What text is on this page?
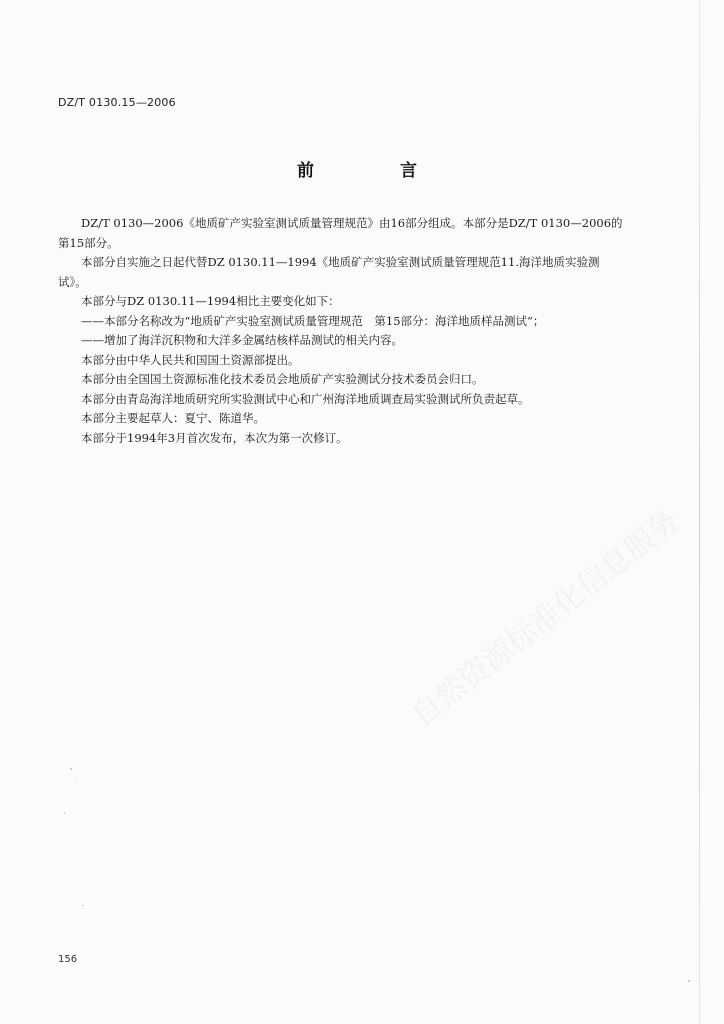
自然资源标准化信息服务
DZ/T 0130.15—2006
前 言

DZ/T 0130—2006《地质矿产实验室测试质量管理规范》由16部分组成。本部分是DZ/T 0130—2006的第15部分。

本部分自实施之日起代替DZ 0130.11—1994《地质矿产实验室测试质量管理规范11.海洋地质实验测试》。

本部分与DZ 0130.11—1994相比主要变化如下：

——本部分名称改为“地质矿产实验室测试质量管理规范　第15部分：海洋地质样品测试”；

——增加了海洋沉积物和大洋多金属结核样品测试的相关内容。

本部分由中华人民共和国国土资源部提出。

本部分由全国国土资源标准化技术委员会地质矿产实验测试分技术委员会归口。

本部分由青岛海洋地质研究所实验测试中心和广州海洋地质调查局实验测试所负责起草。

本部分主要起草人：夏宁、陈道华。

本部分于1994年3月首次发布，本次为第一次修订。

156
